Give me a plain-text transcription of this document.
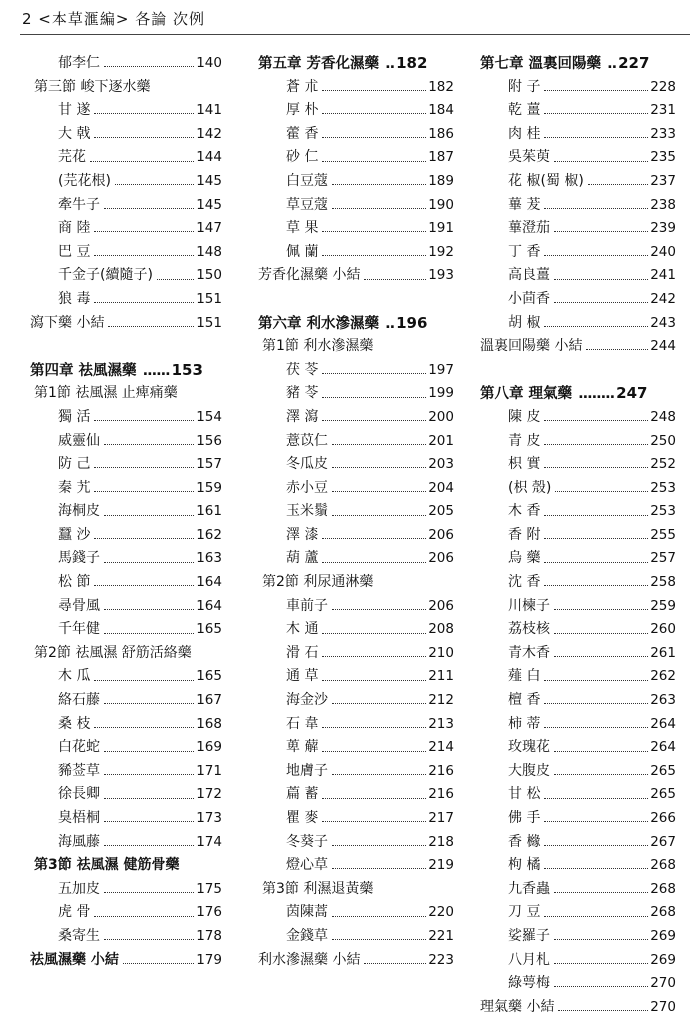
2 <本草滙編> 各論 次例
郁李仁	140
第三節 峻下逐水藥
甘 遂	141
大 戟	142
芫花	144
(芫花根)	145
牽牛子	145
商 陸	147
巴 豆	148
千金子(續隨子)	150
狼 毒	151
瀉下藥 小結	151
第四章 祛風濕藥 ...... 153
第1節 祛風濕 止痺痛藥
獨 活	154
威靈仙	156
防 己	157
秦 艽	159
海桐皮	161
蠶 沙	162
馬錢子	163
松 節	164
尋骨風	164
千年健	165
第2節 祛風濕 舒筋活絡藥
木 瓜	165
絡石藤	167
桑 枝	168
白花蛇	169
豨莶草	171
徐長卿	172
臭梧桐	173
海風藤	174
第3節 祛風濕 健筋骨藥
五加皮	175
虎 骨	176
桑寄生	178
祛風濕藥 小結	179
第五章 芳香化濕藥 .. 182
蒼 朮	182
厚 朴	184
藿 香	186
砂 仁	187
白豆蔻	189
草豆蔻	190
草 果	191
佩 蘭	192
芳香化濕藥 小結	193
第六章 利水滲濕藥 .. 196
第1節 利水滲濕藥
茯 苓	197
豬 苓	199
澤 瀉	200
薏苡仁	201
冬瓜皮	203
赤小豆	204
玉米鬚	205
澤 漆	206
葫 蘆	206
第2節 利尿通淋藥
車前子	206
木 通	208
滑 石	210
通 草	211
海金沙	212
石 韋	213
萆 薢	214
地膚子	216
萹 蓄	216
瞿 麥	217
冬葵子	218
燈心草	219
第3節 利濕退黃藥
茵陳蒿	220
金錢草	221
利水滲濕藥 小結	223
第七章 溫裏回陽藥 .. 227
附 子	228
乾 薑	231
肉 桂	233
吳茱萸	235
花 椒(蜀 椒)	237
蓽 茇	238
蓽澄茄	239
丁 香	240
高良薑	241
小茴香	242
胡 椒	243
溫裏回陽藥 小結	244
第八章 理氣藥 ........ 247
陳 皮	248
青 皮	250
枳 實	252
(枳 殼)	253
木 香	253
香 附	255
烏 藥	257
沈 香	258
川楝子	259
荔枝核	260
青木香	261
薤 白	262
檀 香	263
柿 蒂	264
玫瑰花	264
大腹皮	265
甘 松	265
佛 手	266
香 櫞	267
枸 橘	268
九香蟲	268
刀 豆	268
娑羅子	269
八月札	269
綠萼梅	270
理氣藥 小結	270
